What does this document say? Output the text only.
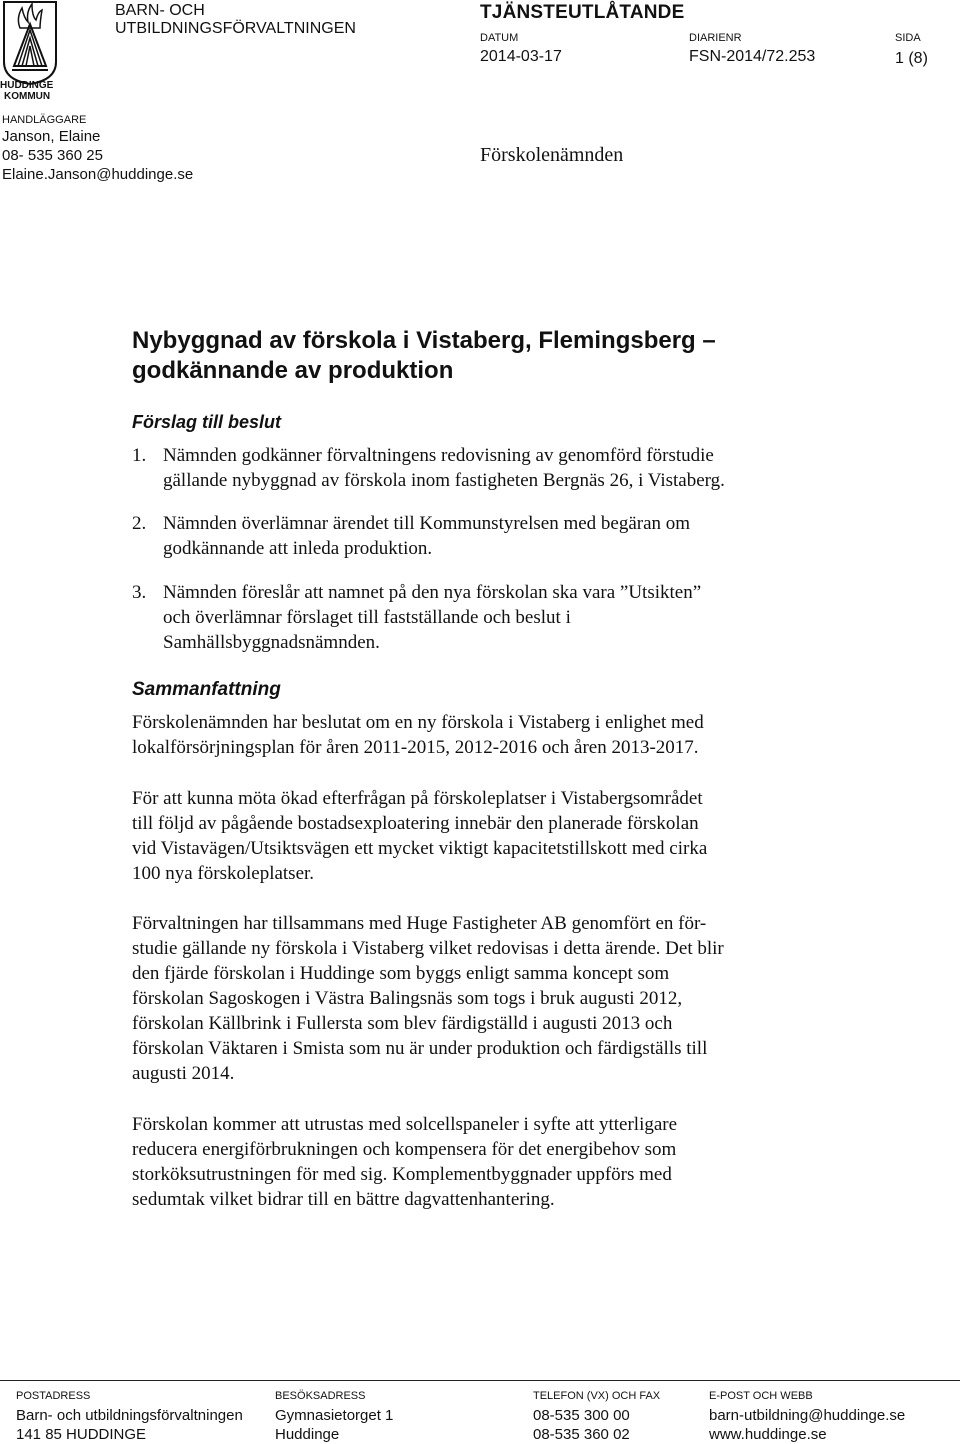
HUDDINGE
KOMMUN
BARN- OCH
UTBILDNINGSFÖRVALTNINGEN
TJÄNSTEUTLÅTANDE
DATUM
2014-03-17
DIARIENR
FSN-2014/72.253
SIDA
1 (8)
HANDLÄGGARE
Janson, Elaine
08- 535 360 25
Elaine.Janson@huddinge.se
Förskolenämnden
Nybyggnad av förskola i Vistaberg, Flemingsberg –
godkännande av produktion
Förslag till beslut
1. Nämnden godkänner förvaltningens redovisning av genomförd förstudie
gällande nybyggnad av förskola inom fastigheten Bergnäs 26, i Vistaberg.
2. Nämnden överlämnar ärendet till Kommunstyrelsen med begäran om
godkännande att inleda produktion.
3. Nämnden föreslår att namnet på den nya förskolan ska vara ”Utsikten”
och överlämnar förslaget till fastställande och beslut i
Samhällsbyggnadsnämnden.
Sammanfattning
Förskolenämnden har beslutat om en ny förskola i Vistaberg i enlighet med
lokalförsörjningsplan för åren 2011-2015, 2012-2016 och åren 2013-2017.
För att kunna möta ökad efterfrågan på förskoleplatser i Vistabergsområdet
till följd av pågående bostadsexploatering innebär den planerade förskolan
vid Vistavägen/Utsiktsvägen ett mycket viktigt kapacitetstillskott med cirka
100 nya förskoleplatser.
Förvaltningen har tillsammans med Huge Fastigheter AB genomfört en för-
studie gällande ny förskola i Vistaberg vilket redovisas i detta ärende. Det blir
den fjärde förskolan i Huddinge som byggs enligt samma koncept som
förskolan Sagoskogen i Västra Balingsnäs som togs i bruk augusti 2012,
förskolan Källbrink i Fullersta som blev färdigställd i augusti 2013 och
förskolan Väktaren i Smista som nu är under produktion och färdigställs till
augusti 2014.
Förskolan kommer att utrustas med solcellspaneler i syfte att ytterligare
reducera energiförbrukningen och kompensera för det energibehov som
storköksutrustningen för med sig. Komplementbyggnader uppförs med
sedumtak vilket bidrar till en bättre dagvattenhantering.
POSTADRESS
Barn- och utbildningsförvaltningen
141 85 HUDDINGE
BESÖKSADRESS
Gymnasietorget 1
Huddinge
TELEFON (VX) OCH FAX
08-535 300 00
08-535 360 02
E-POST OCH WEBB
barn-utbildning@huddinge.se
www.huddinge.se
